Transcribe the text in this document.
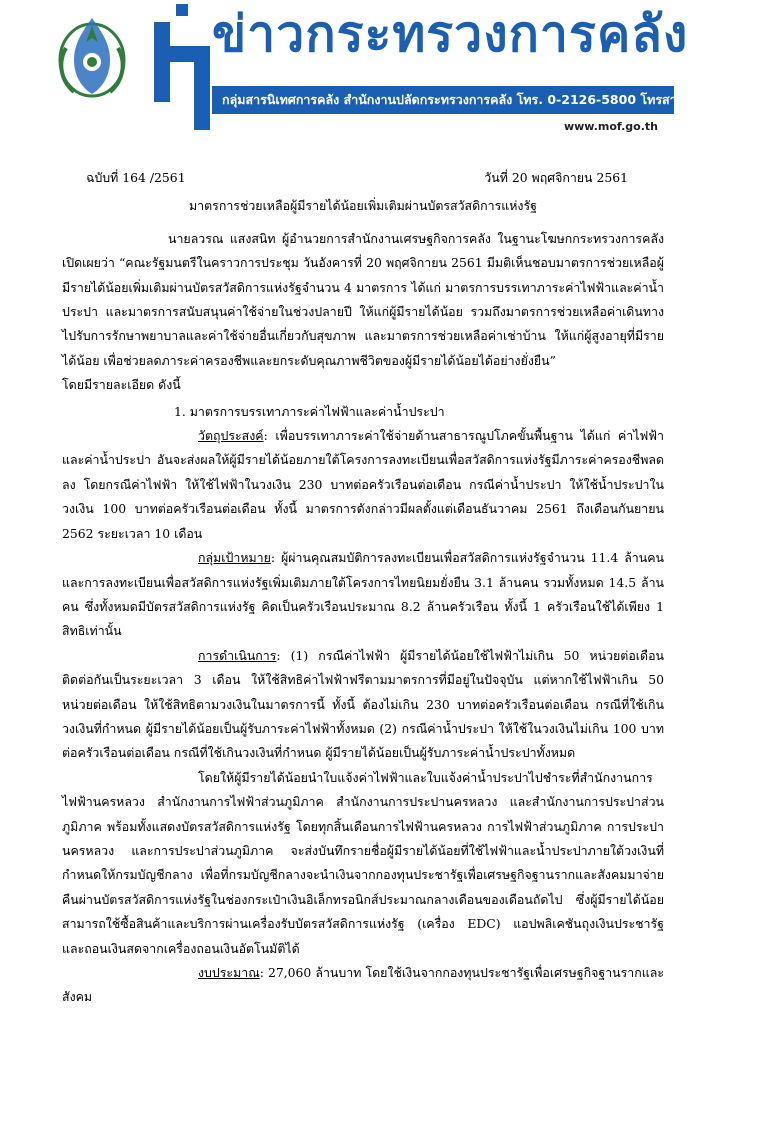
ข่าวกระทรวงการคลัง
กลุ่มสารนิเทศการคลัง สำนักงานปลัดกระทรวงการคลัง โทร. 0-2126-5800 โทรสาร 0-2273-9763
www.mof.go.th
ฉบับที่ 164 /2561	วันที่ 20 พฤศจิกายน 2561
มาตรการช่วยเหลือผู้มีรายได้น้อยเพิ่มเติมผ่านบัตรสวัสดิการแห่งรัฐ

นายลวรณ แสงสนิท ผู้อำนวยการสำนักงานเศรษฐกิจการคลัง ในฐานะโฆษกกระทรวงการคลัง เปิดเผยว่า “คณะรัฐมนตรีในคราวการประชุม วันอังคารที่ 20 พฤศจิกายน 2561 มีมติเห็นชอบมาตรการช่วยเหลือผู้มีรายได้น้อยเพิ่มเติมผ่านบัตรสวัสดิการแห่งรัฐจำนวน 4 มาตรการ ได้แก่ มาตรการบรรเทาภาระค่าไฟฟ้าและค่าน้ำประปา และมาตรการสนับสนุนค่าใช้จ่ายในช่วงปลายปี ให้แก่ผู้มีรายได้น้อย รวมถึงมาตรการช่วยเหลือค่าเดินทางไปรับการรักษาพยาบาลและค่าใช้จ่ายอื่นเกี่ยวกับสุขภาพ และมาตรการช่วยเหลือค่าเช่าบ้าน ให้แก่ผู้สูงอายุที่มีรายได้น้อย เพื่อช่วยลดภาระค่าครองชีพและยกระดับคุณภาพชีวิตของผู้มีรายได้น้อยได้อย่างยั่งยืน”

โดยมีรายละเอียด ดังนี้

1. มาตรการบรรเทาภาระค่าไฟฟ้าและค่าน้ำประปา

วัตถุประสงค์: เพื่อบรรเทาภาระค่าใช้จ่ายด้านสาธารณูปโภคขั้นพื้นฐาน ได้แก่ ค่าไฟฟ้าและค่าน้ำประปา อันจะส่งผลให้ผู้มีรายได้น้อยภายใต้โครงการลงทะเบียนเพื่อสวัสดิการแห่งรัฐมีภาระค่าครองชีพลดลง โดยกรณีค่าไฟฟ้า ให้ใช้ไฟฟ้าในวงเงิน 230 บาทต่อครัวเรือนต่อเดือน กรณีค่าน้ำประปา ให้ใช้น้ำประปาในวงเงิน 100 บาทต่อครัวเรือนต่อเดือน ทั้งนี้ มาตรการดังกล่าวมีผลตั้งแต่เดือนธันวาคม 2561 ถึงเดือนกันยายน 2562 ระยะเวลา 10 เดือน

กลุ่มเป้าหมาย: ผู้ผ่านคุณสมบัติการลงทะเบียนเพื่อสวัสดิการแห่งรัฐจำนวน 11.4 ล้านคน และการลงทะเบียนเพื่อสวัสดิการแห่งรัฐเพิ่มเติมภายใต้โครงการไทยนิยมยั่งยืน 3.1 ล้านคน รวมทั้งหมด 14.5 ล้านคน ซึ่งทั้งหมดมีบัตรสวัสดิการแห่งรัฐ คิดเป็นครัวเรือนประมาณ 8.2 ล้านครัวเรือน ทั้งนี้ 1 ครัวเรือนใช้ได้เพียง 1 สิทธิเท่านั้น

การดำเนินการ: (1) กรณีค่าไฟฟ้า ผู้มีรายได้น้อยใช้ไฟฟ้าไม่เกิน 50 หน่วยต่อเดือนติดต่อกันเป็นระยะเวลา 3 เดือน ให้ใช้สิทธิค่าไฟฟ้าฟรีตามมาตรการที่มีอยู่ในปัจจุบัน แต่หากใช้ไฟฟ้าเกิน 50 หน่วยต่อเดือน ให้ใช้สิทธิตามวงเงินในมาตรการนี้ ทั้งนี้ ต้องไม่เกิน 230 บาทต่อครัวเรือนต่อเดือน กรณีที่ใช้เกินวงเงินที่กำหนด ผู้มีรายได้น้อยเป็นผู้รับภาระค่าไฟฟ้าทั้งหมด (2) กรณีค่าน้ำประปา ให้ใช้ในวงเงินไม่เกิน 100 บาทต่อครัวเรือนต่อเดือน กรณีที่ใช้เกินวงเงินที่กำหนด ผู้มีรายได้น้อยเป็นผู้รับภาระค่าน้ำประปาทั้งหมด

โดยให้ผู้มีรายได้น้อยนำใบแจ้งค่าไฟฟ้าและใบแจ้งค่าน้ำประปาไปชำระที่สำนักงานการไฟฟ้านครหลวง สำนักงานการไฟฟ้าส่วนภูมิภาค สำนักงานการประปานครหลวง และสำนักงานการประปาส่วนภูมิภาค พร้อมทั้งแสดงบัตรสวัสดิการแห่งรัฐ โดยทุกสิ้นเดือนการไฟฟ้านครหลวง การไฟฟ้าส่วนภูมิภาค การประปานครหลวง และการประปาส่วนภูมิภาค จะส่งบันทึกรายชื่อผู้มีรายได้น้อยที่ใช้ไฟฟ้าและน้ำประปาภายใต้วงเงินที่กำหนดให้กรมบัญชีกลาง เพื่อที่กรมบัญชีกลางจะนำเงินจากกองทุนประชารัฐเพื่อเศรษฐกิจฐานรากและสังคมมาจ่ายคืนผ่านบัตรสวัสดิการแห่งรัฐในช่องกระเป๋าเงินอิเล็กทรอนิกส์ประมาณกลางเดือนของเดือนถัดไป ซึ่งผู้มีรายได้น้อยสามารถใช้ซื้อสินค้าและบริการผ่านเครื่องรับบัตรสวัสดิการแห่งรัฐ (เครื่อง EDC) แอปพลิเคชันถุงเงินประชารัฐ และถอนเงินสดจากเครื่องถอนเงินอัตโนมัติได้

งบประมาณ: 27,060 ล้านบาท โดยใช้เงินจากกองทุนประชารัฐเพื่อเศรษฐกิจฐานรากและสังคม
